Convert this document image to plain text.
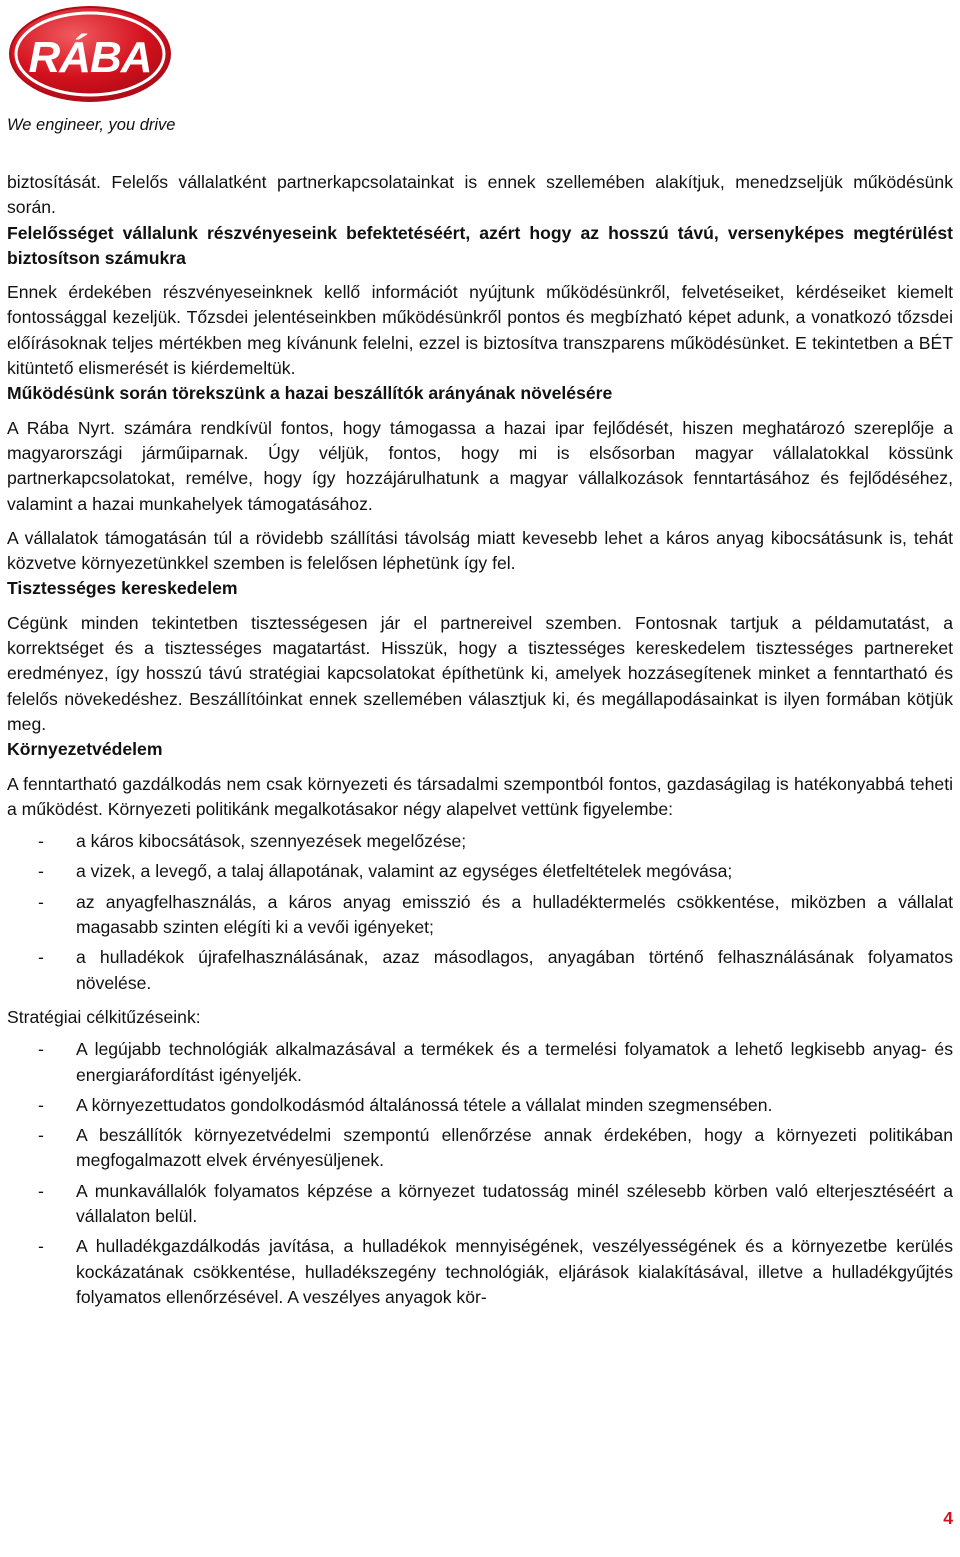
RÁBA
We engineer, you drive

biztosítását. Felelős vállalatként partnerkapcsolatainkat is ennek szellemében alakítjuk, menedzseljük működésünk során.

Felelősséget vállalunk részvényeseink befektetéséért, azért hogy az hosszú távú, versenyképes megtérülést biztosítson számukra

Ennek érdekében részvényeseinknek kellő információt nyújtunk működésünkről, felvetéseiket, kérdéseiket kiemelt fontossággal kezeljük. Tőzsdei jelentéseinkben működésünkről pontos és megbízható képet adunk, a vonatkozó tőzsdei előírásoknak teljes mértékben meg kívánunk felelni, ezzel is biztosítva transzparens működésünket. E tekintetben a BÉT kitüntető elismerését is kiérdemeltük.

Működésünk során törekszünk a hazai beszállítók arányának növelésére

A Rába Nyrt. számára rendkívül fontos, hogy támogassa a hazai ipar fejlődését, hiszen meghatározó szereplője a magyarországi járműiparnak. Úgy véljük, fontos, hogy mi is elsősorban magyar vállalatokkal kössünk partnerkapcsolatokat, remélve, hogy így hozzájárulhatunk a magyar vállalkozások fenntartásához és fejlődéséhez, valamint a hazai munkahelyek támogatásához.

A vállalatok támogatásán túl a rövidebb szállítási távolság miatt kevesebb lehet a káros anyag kibocsátásunk is, tehát közvetve környezetünkkel szemben is felelősen léphetünk így fel.

Tisztességes kereskedelem

Cégünk minden tekintetben tisztességesen jár el partnereivel szemben. Fontosnak tartjuk a példamutatást, a korrektséget és a tisztességes magatartást. Hisszük, hogy a tisztességes kereskedelem tisztességes partnereket eredményez, így hosszú távú stratégiai kapcsolatokat építhetünk ki, amelyek hozzásegítenek minket a fenntartható és felelős növekedéshez. Beszállítóinkat ennek szellemében választjuk ki, és megállapodásainkat is ilyen formában kötjük meg.

Környezetvédelem

A fenntartható gazdálkodás nem csak környezeti és társadalmi szempontból fontos, gazdaságilag is hatékonyabbá teheti a működést. Környezeti politikánk megalkotásakor négy alapelvet vettünk figyelembe:

- a káros kibocsátások, szennyezések megelőzése;
- a vizek, a levegő, a talaj állapotának, valamint az egységes életfeltételek megóvása;
- az anyagfelhasználás, a káros anyag emisszió és a hulladéktermelés csökkentése, miközben a vállalat magasabb szinten elégíti ki a vevői igényeket;
- a hulladékok újrafelhasználásának, azaz másodlagos, anyagában történő felhasználásának folyamatos növelése.

Stratégiai célkitűzéseink:

- A legújabb technológiák alkalmazásával a termékek és a termelési folyamatok a lehető legkisebb anyag- és energiaráfordítást igényeljék.
- A környezettudatos gondolkodásmód általánossá tétele a vállalat minden szegmensében.
- A beszállítók környezetvédelmi szempontú ellenőrzése annak érdekében, hogy a környezeti politikában megfogalmazott elvek érvényesüljenek.
- A munkavállalók folyamatos képzése a környezet tudatosság minél szélesebb körben való elterjesztéséért a vállalaton belül.
- A hulladékgazdálkodás javítása, a hulladékok mennyiségének, veszélyességének és a környezetbe kerülés kockázatának csökkentése, hulladékszegény technológiák, eljárások kialakításával, illetve a hulladékgyűjtés folyamatos ellenőrzésével. A veszélyes anyagok kör-
4
